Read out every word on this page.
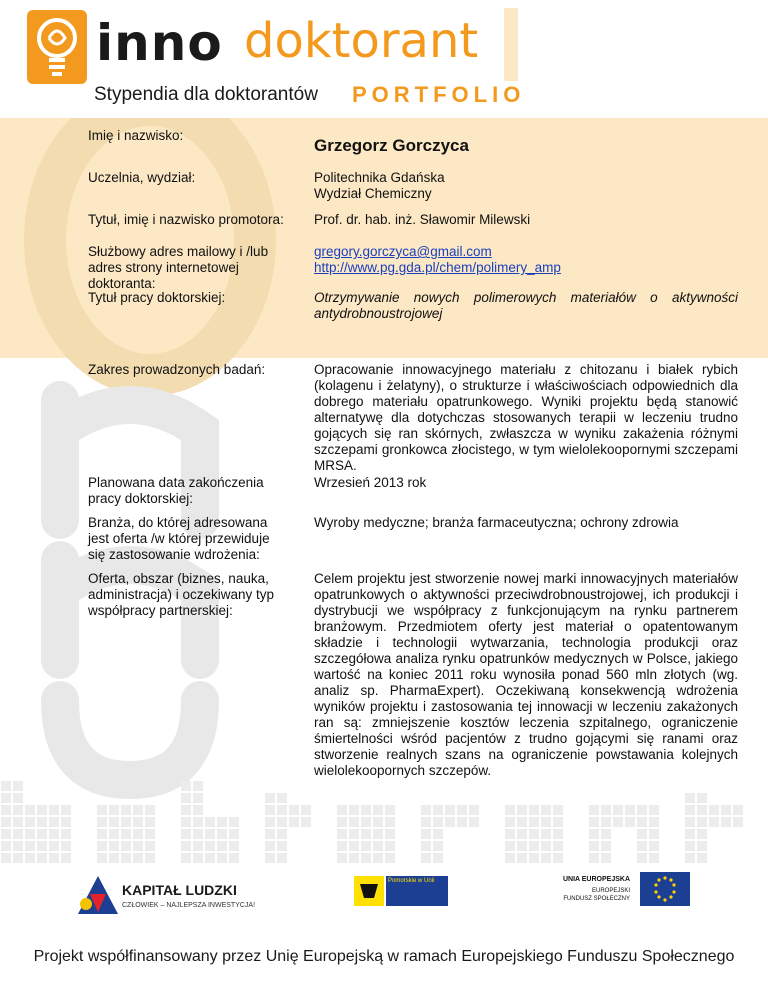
inno doktorant
Stypendia dla doktorantów	PORTFOLIO
Imię i nazwisko:
Grzegorz Gorczyca
Uczelnia, wydział:	Politechnika Gdańska
Wydział Chemiczny
Tytuł, imię i nazwisko promotora:	Prof. dr. hab. inż. Sławomir Milewski
Służbowy adres mailowy i /lub adres strony internetowej doktoranta:
gregory.gorczyca@gmail.com
http://www.pg.gda.pl/chem/polimery_amp
Tytuł pracy doktorskiej:	Otrzymywanie nowych polimerowych materiałów o aktywności antydrobnoustrojowej
Zakres prowadzonych badań:	Opracowanie innowacyjnego materiału z chitozanu i białek rybich (kolagenu i żelatyny), o strukturze i właściwościach odpowiednich dla dobrego materiału opatrunkowego. Wyniki projektu będą stanowić alternatywę dla dotychczas stosowanych terapii w leczeniu trudno gojących się ran skórnych, zwłaszcza w wyniku zakażenia różnymi szczepami gronkowca złocistego, w tym wielolekoopornymi szczepami MRSA.
Planowana data zakończenia pracy doktorskiej:
Wrzesień 2013 rok
Branża, do której adresowana jest oferta /w której przewiduje się zastosowanie wdrożenia:
Wyroby medyczne; branża farmaceutyczna; ochrony zdrowia
Oferta, obszar (biznes, nauka, administracja) i oczekiwany typ współpracy partnerskiej:
Celem projektu jest stworzenie nowej marki innowacyjnych materiałów opatrunkowych o aktywności przeciwdrobnoustrojowej, ich produkcji i dystrybucji we współpracy z funkcjonującym na rynku partnerem branżowym. Przedmiotem oferty jest materiał o opatentowanym składzie i technologii wytwarzania, technologia produkcji oraz szczegółowa analiza rynku opatrunków medycznych w Polsce, jakiego wartość na koniec 2011 roku wynosiła ponad 560 mln złotych (wg. analiz sp. PharmaExpert). Oczekiwaną konsekwencją wdrożenia wyników projektu i zastosowania tej innowacji w leczeniu zakażonych ran są: zmniejszenie kosztów leczenia szpitalnego, ograniczenie śmiertelności wśród pacjentów z trudno gojącymi się ranami oraz stworzenie realnych szans na ograniczenie powstawania kolejnych wielolekoopornych szczepów.
KAPITAŁ LUDZKI
CZŁOWIEK – NAJLEPSZA INWESTYCJA!
Pomorskie w Unii	UNIA EUROPEJSKA
EUROPEJSKI
FUNDUSZ SPOŁECZNY
Projekt współfinansowany przez Unię Europejską w ramach Europejskiego Funduszu Społecznego
